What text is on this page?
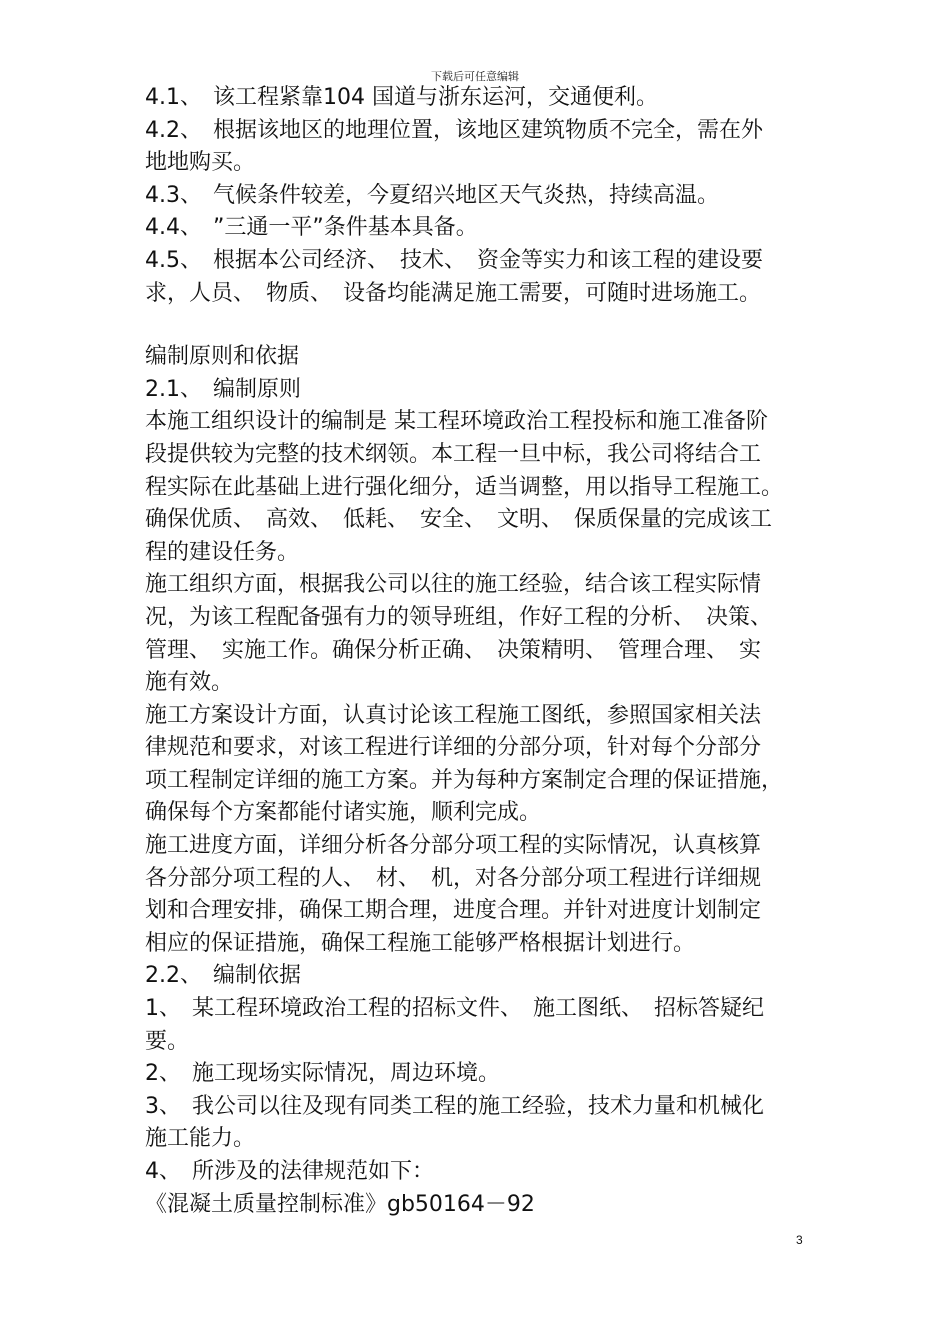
下载后可任意编辑
4.1、　该工程紧靠104 国道与浙东运河，交通便利。
4.2、　根据该地区的地理位置，该地区建筑物质不完全，需在外
地地购买。
4.3、　气候条件较差，今夏绍兴地区天气炎热，持续高温。
4.4、　”三通一平”条件基本具备。
4.5、　根据本公司经济、　技术、　资金等实力和该工程的建设要
求，人员、　物质、　设备均能满足施工需要，可随时进场施工。
编制原则和依据
2.1、　编制原则
本施工组织设计的编制是 某工程环境政治工程投标和施工准备阶
段提供较为完整的技术纲领。本工程一旦中标，我公司将结合工
程实际在此基础上进行强化细分，适当调整，用以指导工程施工。
确保优质、　高效、　低耗、　安全、　文明、　保质保量的完成该工
程的建设任务。
施工组织方面，根据我公司以往的施工经验，结合该工程实际情
况，为该工程配备强有力的领导班组，作好工程的分析、　决策、
管理、　实施工作。确保分析正确、　决策精明、　管理合理、　实
施有效。
施工方案设计方面，认真讨论该工程施工图纸，参照国家相关法
律规范和要求，对该工程进行详细的分部分项，针对每个分部分
项工程制定详细的施工方案。并为每种方案制定合理的保证措施，
确保每个方案都能付诸实施，顺利完成。
施工进度方面，详细分析各分部分项工程的实际情况，认真核算
各分部分项工程的人、　材、　机，对各分部分项工程进行详细规
划和合理安排，确保工期合理，进度合理。并针对进度计划制定
相应的保证措施，确保工程施工能够严格根据计划进行。
2.2、　编制依据
1、　某工程环境政治工程的招标文件、　施工图纸、　招标答疑纪
要。
2、　施工现场实际情况，周边环境。
3、　我公司以往及现有同类工程的施工经验，技术力量和机械化
施工能力。
4、　所涉及的法律规范如下：
《混凝土质量控制标准》gb50164－92
3
